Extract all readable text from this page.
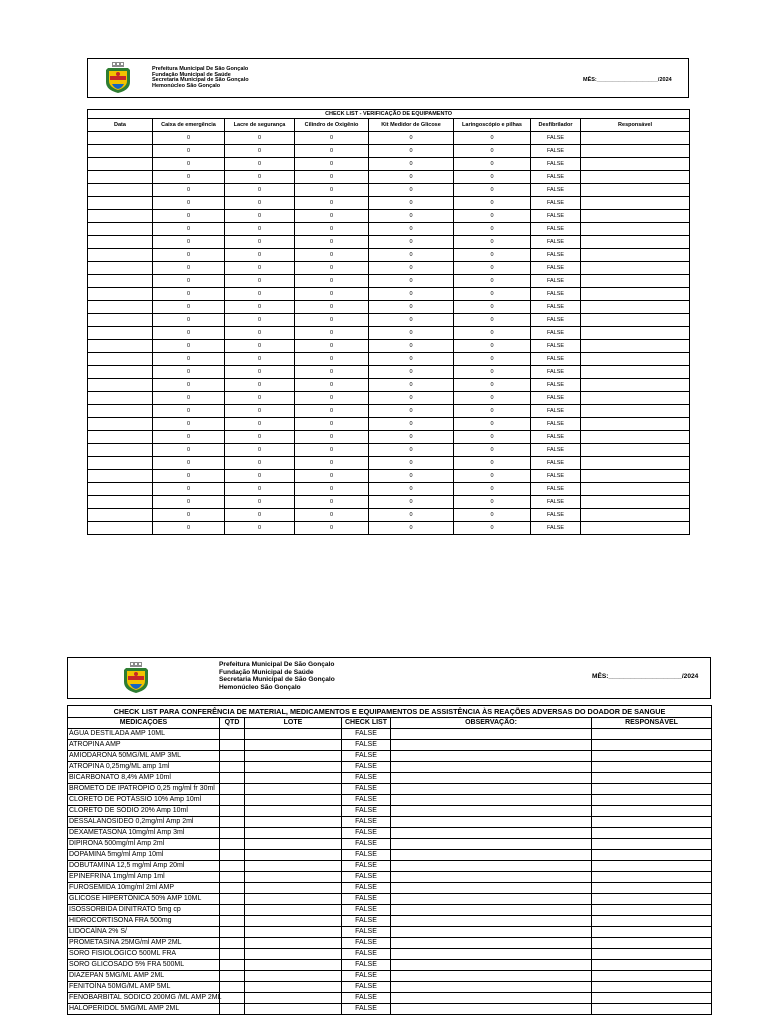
Prefeitura Municipal De São Gonçalo
Fundação Municipal de Saúde
Secretaria Municipal de São Gonçalo
Hemonúcleo São Gonçalo
MÊS:____________________/2024
CHECK LIST - VERIFICAÇÃO DE EQUIPAMENTO							
Data	Caixa de emergência	Lacre de segurança	Cilindro de Oxigênio	Kit Medidor de Glicose	Laringoscópio e pilhas	Desfibrilador	Responsável
	0	0	0	0	0	FALSE	
	0	0	0	0	0	FALSE	
	0	0	0	0	0	FALSE	
	0	0	0	0	0	FALSE	
	0	0	0	0	0	FALSE	
	0	0	0	0	0	FALSE	
	0	0	0	0	0	FALSE	
	0	0	0	0	0	FALSE	
	0	0	0	0	0	FALSE	
	0	0	0	0	0	FALSE	
	0	0	0	0	0	FALSE	
	0	0	0	0	0	FALSE	
	0	0	0	0	0	FALSE	
	0	0	0	0	0	FALSE	
	0	0	0	0	0	FALSE	
	0	0	0	0	0	FALSE	
	0	0	0	0	0	FALSE	
	0	0	0	0	0	FALSE	
	0	0	0	0	0	FALSE	
	0	0	0	0	0	FALSE	
	0	0	0	0	0	FALSE	
	0	0	0	0	0	FALSE	
	0	0	0	0	0	FALSE	
	0	0	0	0	0	FALSE	
	0	0	0	0	0	FALSE	
	0	0	0	0	0	FALSE	
	0	0	0	0	0	FALSE	
	0	0	0	0	0	FALSE	
	0	0	0	0	0	FALSE	
	0	0	0	0	0	FALSE	
	0	0	0	0	0	FALSE	
Prefeitura Municipal De São Gonçalo
Fundação Municipal de Saúde
Secretaria Municipal de São Gonçalo
Hemonúcleo São Gonçalo
MÊS:____________________/2024
CHECK LIST PARA CONFERÊNCIA DE MATERIAL, MEDICAMENTOS E EQUIPAMENTOS DE ASSISTÊNCIA ÀS REAÇÕES ADVERSAS DO DOADOR DE SANGUE					
MEDICAÇOES	QTD	LOTE	CHECK LIST	OBSERVAÇÃO:	RESPONSÁVEL
ÁGUA DESTILADA AMP 10ML			FALSE		
ATROPINA AMP			FALSE		
AMIODARONA 50MG/ML AMP 3ML			FALSE		
ATROPINA 0,25mg/ML amp 1ml			FALSE		
BICARBONATO 8,4% AMP 10ml			FALSE		
BROMETO DE IPATRÓPIO 0,25 mg/ml fr 30ml			FALSE		
CLORETO DE POTÁSSIO 10% Amp 10ml			FALSE		
CLORETO DE SÓDIO 20% Amp 10ml			FALSE		
DESSALANOSIDEO 0,2mg/ml Amp 2ml			FALSE		
DEXAMETASONA 10mg/ml Amp 3ml			FALSE		
DIPIRONA 500mg/ml Amp 2ml			FALSE		
DOPAMINA 5mg/ml Amp 10ml			FALSE		
DOBUTAMINA 12,5 mg/ml Amp 20ml			FALSE		
EPINEFRINA 1mg/ml Amp 1ml			FALSE		
FUROSEMIDA 10mg/ml 2ml AMP			FALSE		
GLICOSE HIPERTÔNICA 50% AMP 10ML			FALSE		
ISOSSORBIDA DINITRATO 5mg cp			FALSE		
HIDROCORTISONA FRA 500mg			FALSE		
LIDOCAÍNA 2% S/			FALSE		
PROMETASINA 25MG/ml AMP 2ML			FALSE		
SORO FISIOLÓGICO 500ML FRA			FALSE		
SORO GLICOSADO 5% FRA 500ML			FALSE		
DIAZEPAN 5MG/ML AMP 2ML			FALSE		
FENITOÍNA 50MG/ML AMP 5ML			FALSE		
FENOBARBITAL SÓDICO 200MG /ML AMP 2ML			FALSE		
HALOPERIDOL 5MG/ML AMP 2ML			FALSE		
